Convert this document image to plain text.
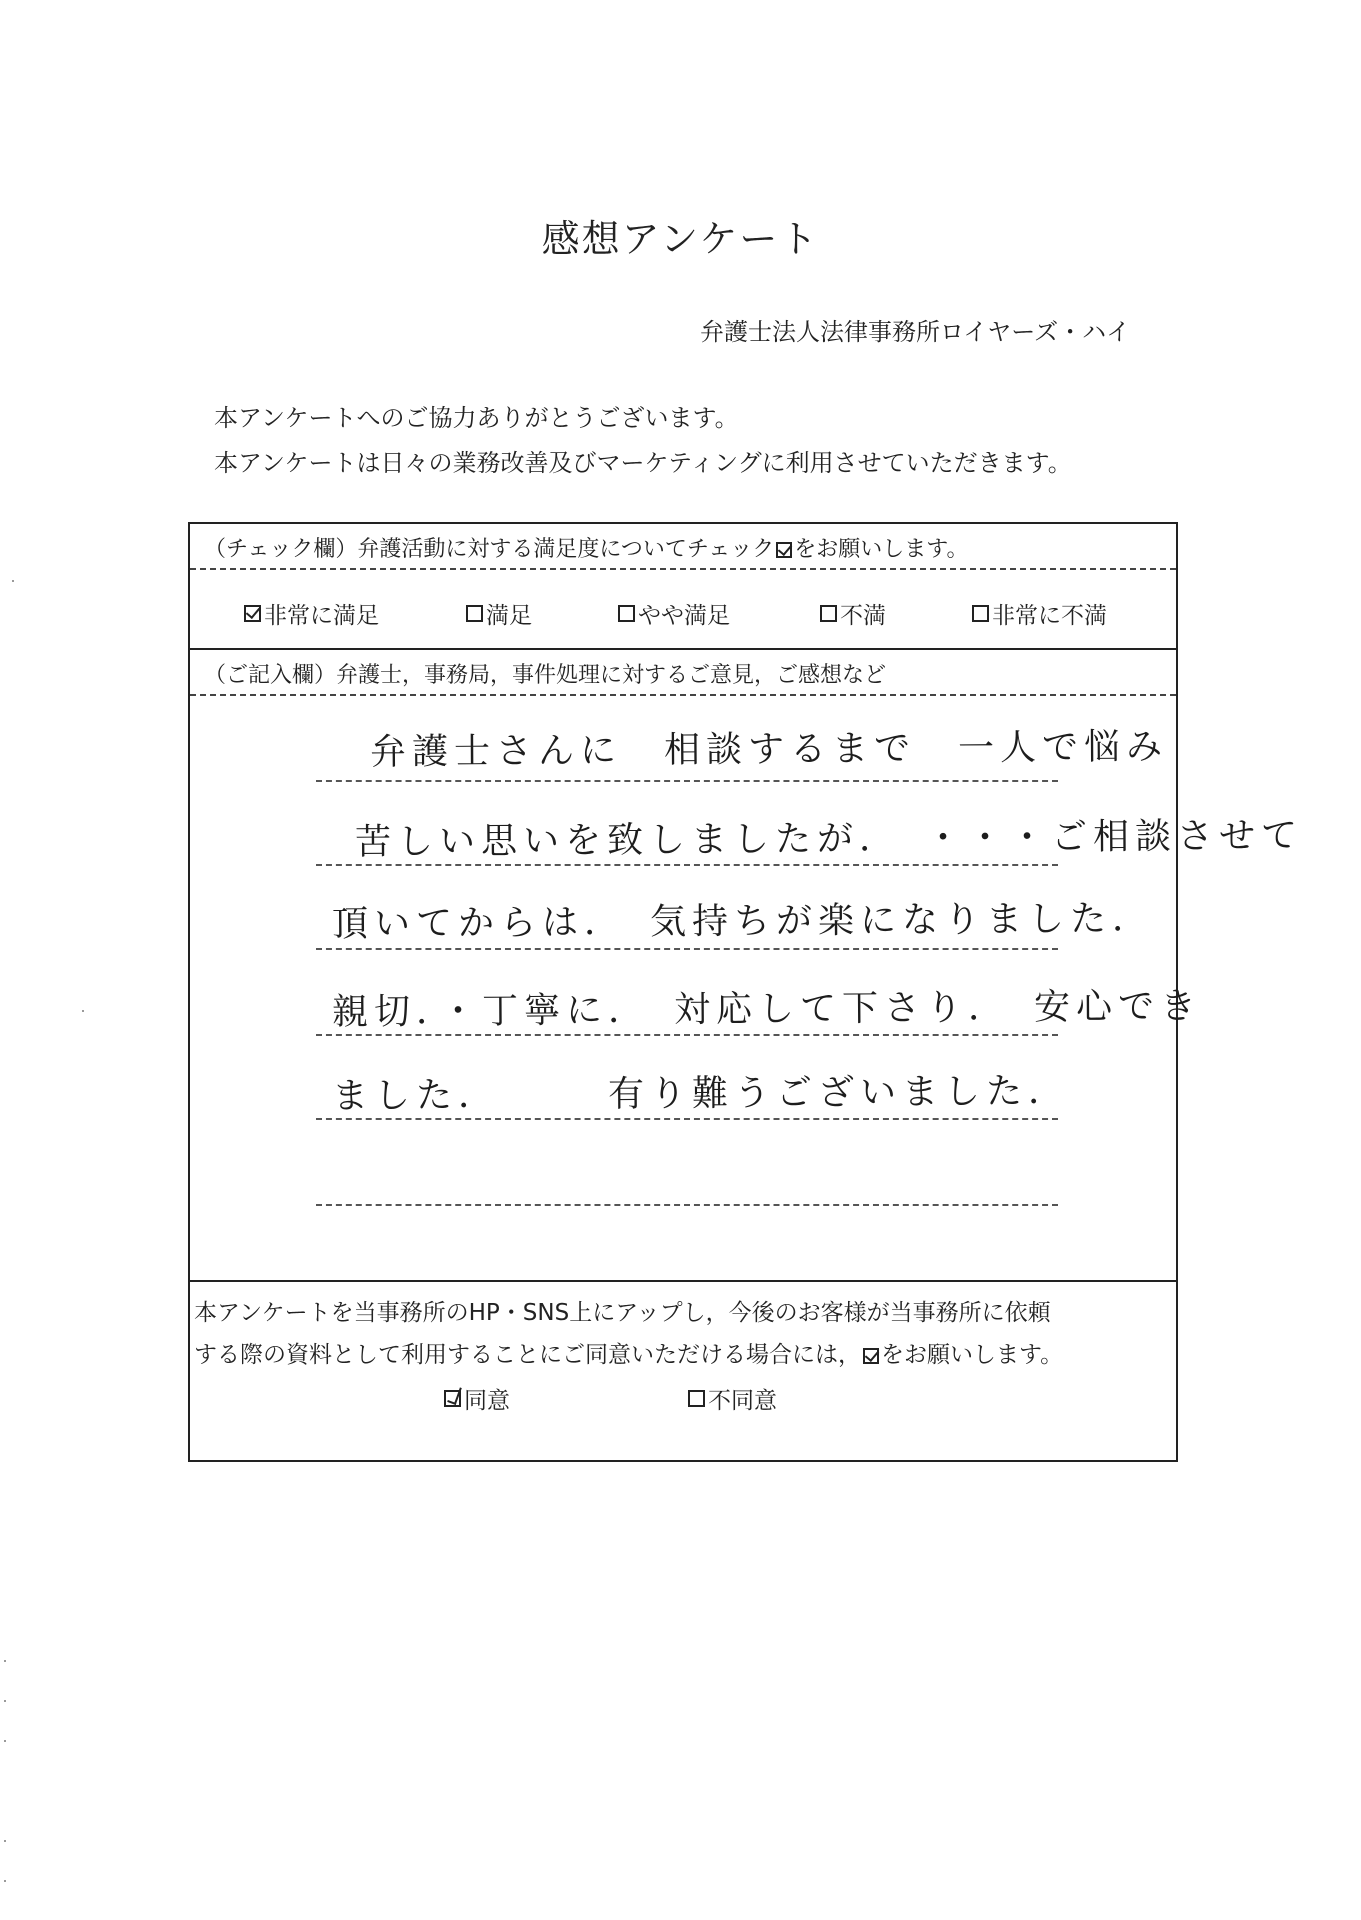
感想アンケート
弁護士法人法律事務所ロイヤーズ・ハイ
本アンケートへのご協力ありがとうございます。
本アンケートは日々の業務改善及びマーケティングに利用させていただきます。
（チェック欄）弁護活動に対する満足度についてチェック をお願いします。
非常に満足	満足	やや満足	不満	非常に不満
（ご記入欄）弁護士，事務局，事件処理に対するご意見，ご感想など
弁護士さんに　相談するまで　一人で悩み
苦しい思いを致しましたが．　・・・ご相談させて
頂いてからは．　気持ちが楽になりました．
親切．・丁寧に．　対応して下さり．　安心でき
ました．　　　有り難うございました．
本アンケートを当事務所のHP・SNS上にアップし，今後のお客様が当事務所に依頼
する際の資料として利用することにご同意いただける場合には， をお願いします。
同意	不同意
